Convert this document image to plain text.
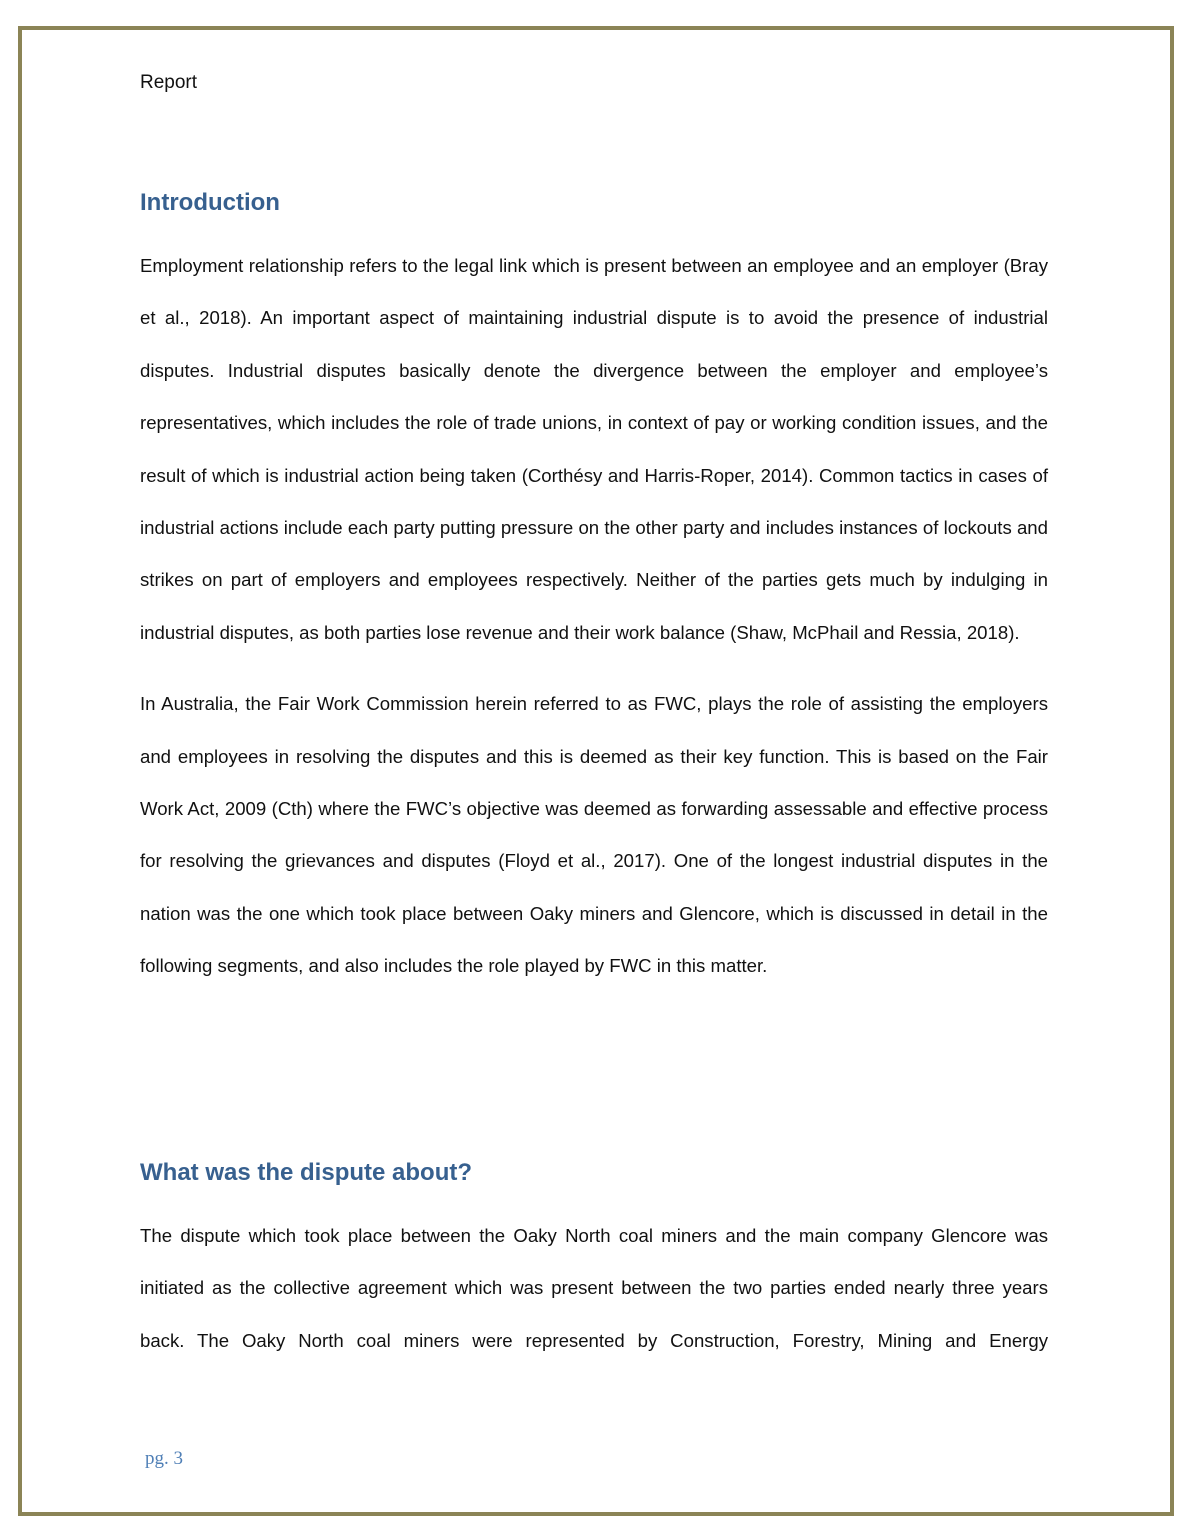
Report
Introduction

Employment relationship refers to the legal link which is present between an employee and an employer (Bray et al., 2018). An important aspect of maintaining industrial dispute is to avoid the presence of industrial disputes. Industrial disputes basically denote the divergence between the employer and employee’s representatives, which includes the role of trade unions, in context of pay or working condition issues, and the result of which is industrial action being taken (Corthésy and Harris-Roper, 2014). Common tactics in cases of industrial actions include each party putting pressure on the other party and includes instances of lockouts and strikes on part of employers and employees respectively. Neither of the parties gets much by indulging in industrial disputes, as both parties lose revenue and their work balance (Shaw, McPhail and Ressia, 2018).

In Australia, the Fair Work Commission herein referred to as FWC, plays the role of assisting the employers and employees in resolving the disputes and this is deemed as their key function. This is based on the Fair Work Act, 2009 (Cth) where the FWC’s objective was deemed as forwarding assessable and effective process for resolving the grievances and disputes (Floyd et al., 2017). One of the longest industrial disputes in the nation was the one which took place between Oaky miners and Glencore, which is discussed in detail in the following segments, and also includes the role played by FWC in this matter.

What was the dispute about?

The dispute which took place between the Oaky North coal miners and the main company Glencore was initiated as the collective agreement which was present between the two parties ended nearly three years back. The Oaky North coal miners were represented by Construction, Forestry, Mining and Energy

pg. 3
